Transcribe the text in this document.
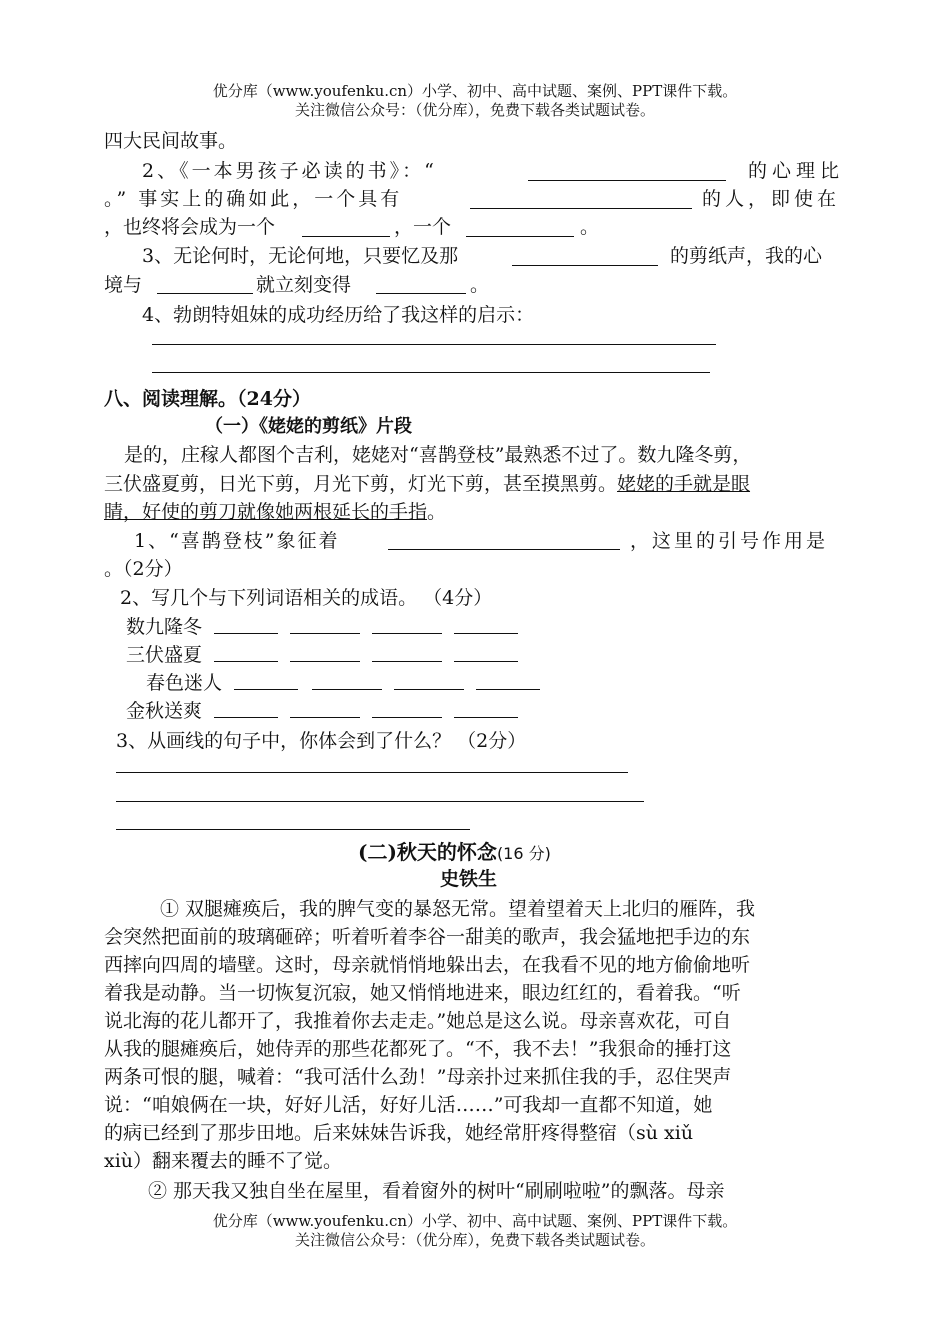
优分库（www.youfenku.cn）小学、初中、高中试题、案例、PPT课件下载。
关注微信公众号：（优分库），免费下载各类试题试卷。
四大民间故事。
2、《一本男孩子必读的书》：“	的心理比
。” 事实上的确如此，一个具有	的人，即使在
，也终将会成为一个	，一个	。
3、无论何时，无论何地，只要忆及那	的剪纸声，我的心
境与	就立刻变得	。
4、勃朗特姐妹的成功经历给了我这样的启示：
八、阅读理解。（24分）
（一）《姥姥的剪纸》片段
是的，庄稼人都图个吉利，姥姥对“喜鹊登枝”最熟悉不过了。数九隆冬剪，
三伏盛夏剪，日光下剪，月光下剪，灯光下剪，甚至摸黑剪。姥姥的手就是眼
睛，好使的剪刀就像她两根延长的手指。
1、“喜鹊登枝”象征着	，这里的引号作用是
。（2分）
2、写几个与下列词语相关的成语。 （4分）
数九隆冬
三伏盛夏
春色迷人
金秋送爽
3、从画线的句子中，你体会到了什么？ （2分）
(二)秋天的怀念(16 分)
史铁生
① 双腿瘫痪后，我的脾气变的暴怒无常。望着望着天上北归的雁阵，我
会突然把面前的玻璃砸碎；听着听着李谷一甜美的歌声，我会猛地把手边的东
西摔向四周的墙壁。这时，母亲就悄悄地躲出去，在我看不见的地方偷偷地听
着我是动静。当一切恢复沉寂，她又悄悄地进来，眼边红红的，看着我。“听
说北海的花儿都开了，我推着你去走走。”她总是这么说。母亲喜欢花，可自
从我的腿瘫痪后，她侍弄的那些花都死了。“不，我不去！”我狠命的捶打这
两条可恨的腿，喊着：“我可活什么劲！”母亲扑过来抓住我的手，忍住哭声
说：“咱娘俩在一块，好好儿活，好好儿活……”可我却一直都不知道，她
的病已经到了那步田地。后来妹妹告诉我，她经常肝疼得整宿（sù xiǔ
xiù）翻来覆去的睡不了觉。
② 那天我又独自坐在屋里，看着窗外的树叶“刷刷啦啦”的飘落。母亲
优分库（www.youfenku.cn）小学、初中、高中试题、案例、PPT课件下载。
关注微信公众号：（优分库），免费下载各类试题试卷。
